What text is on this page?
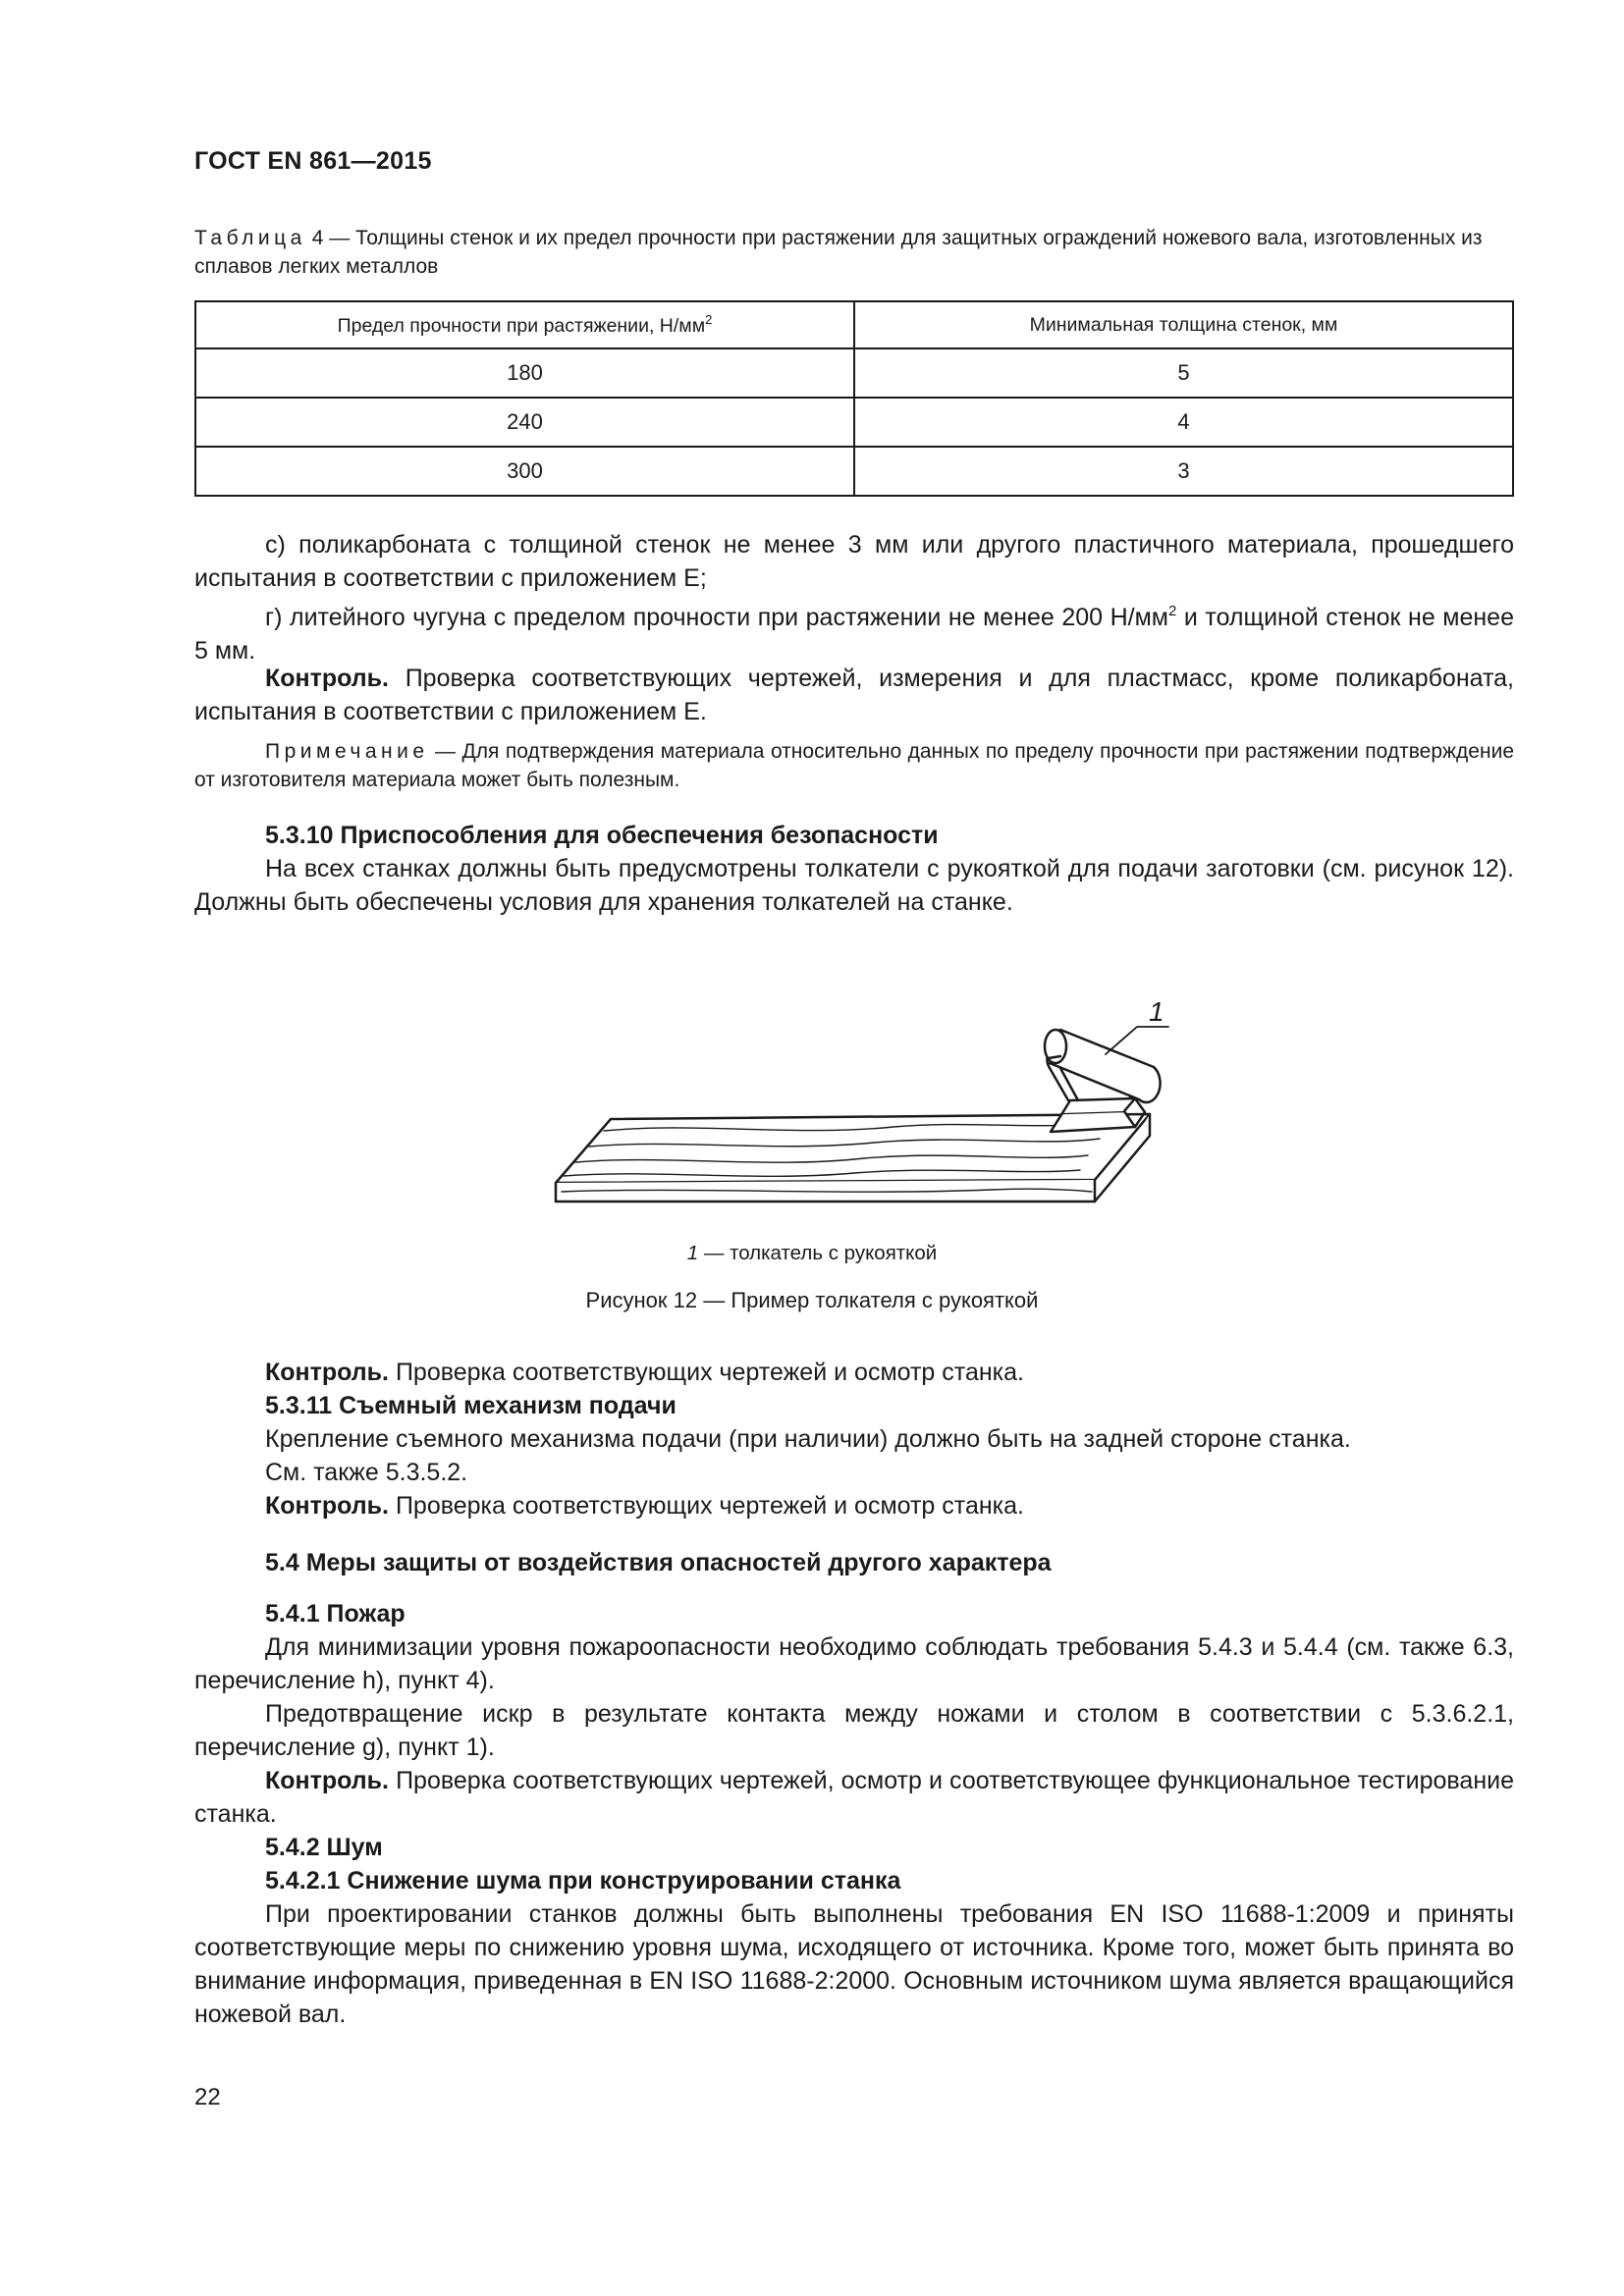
ГОСТ EN 861—2015
Таблица 4 — Толщины стенок и их предел прочности при растяжении для защитных ограждений ножевого вала, изготовленных из сплавов легких металлов
Предел прочности при растяжении, $Н/мм^2$	Минимальная толщина стенок, мм
180	5
240	4
300	3

с) поликарбоната с толщиной стенок не менее 3 мм или другого пластичного материала, прошедшего испытания в соответствии с приложением Е;

г) литейного чугуна с пределом прочности при растяжении не менее 200 $Н/мм^2$ и толщиной стенок не менее 5 мм.

Контроль. Проверка соответствующих чертежей, измерения и для пластмасс, кроме поликарбоната, испытания в соответствии с приложением Е.

Примечание — Для подтверждения материала относительно данных по пределу прочности при растяжении подтверждение от изготовителя материала может быть полезным.

5.3.10 Приспособления для обеспечения безопасности

На всех станках должны быть предусмотрены толкатели с рукояткой для подачи заготовки (см. рисунок 12). Должны быть обеспечены условия для хранения толкателей на станке.

1
1 — толкатель с рукояткой
Рисунок 12 — Пример толкателя с рукояткой

Контроль. Проверка соответствующих чертежей и осмотр станка.

5.3.11 Съемный механизм подачи

Крепление съемного механизма подачи (при наличии) должно быть на задней стороне станка.

См. также 5.3.5.2.

Контроль. Проверка соответствующих чертежей и осмотр станка.

5.4 Меры защиты от воздействия опасностей другого характера

5.4.1 Пожар

Для минимизации уровня пожароопасности необходимо соблюдать требования 5.4.3 и 5.4.4 (см. также 6.3, перечисление h), пункт 4).

Предотвращение искр в результате контакта между ножами и столом в соответствии с 5.3.6.2.1, перечисление g), пункт 1).

Контроль. Проверка соответствующих чертежей, осмотр и соответствующее функциональное тестирование станка.

5.4.2 Шум

5.4.2.1 Снижение шума при конструировании станка

При проектировании станков должны быть выполнены требования EN ISO 11688-1:2009 и приняты соответствующие меры по снижению уровня шума, исходящего от источника. Кроме того, может быть принята во внимание информация, приведенная в EN ISO 11688-2:2000. Основным источником шума является вращающийся ножевой вал.

22
